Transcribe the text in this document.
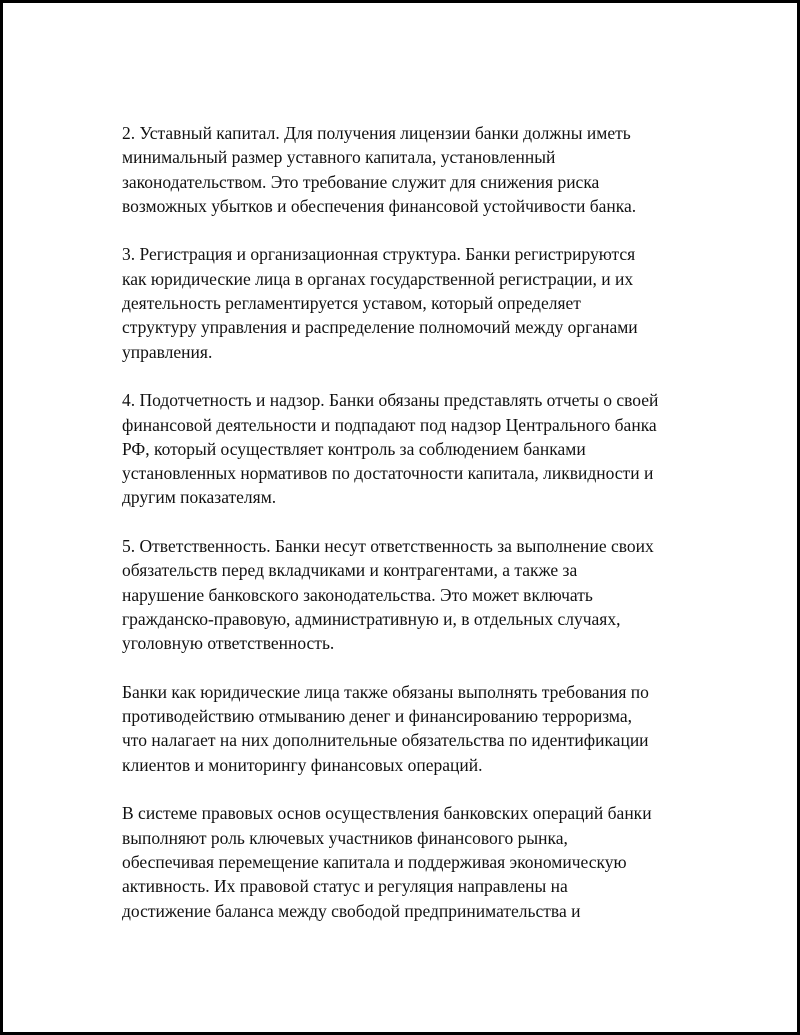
2. Уставный капитал. Для получения лицензии банки должны иметь
минимальный размер уставного капитала, установленный
законодательством. Это требование служит для снижения риска
возможных убытков и обеспечения финансовой устойчивости банка.

3. Регистрация и организационная структура. Банки регистрируются
как юридические лица в органах государственной регистрации, и их
деятельность регламентируется уставом, который определяет
структуру управления и распределение полномочий между органами
управления.

4. Подотчетность и надзор. Банки обязаны представлять отчеты о своей
финансовой деятельности и подпадают под надзор Центрального банка
РФ, который осуществляет контроль за соблюдением банками
установленных нормативов по достаточности капитала, ликвидности и
другим показателям.

5. Ответственность. Банки несут ответственность за выполнение своих
обязательств перед вкладчиками и контрагентами, а также за
нарушение банковского законодательства. Это может включать
гражданско-правовую, административную и, в отдельных случаях,
уголовную ответственность.

Банки как юридические лица также обязаны выполнять требования по
противодействию отмыванию денег и финансированию терроризма,
что налагает на них дополнительные обязательства по идентификации
клиентов и мониторингу финансовых операций.

В системе правовых основ осуществления банковских операций банки
выполняют роль ключевых участников финансового рынка,
обеспечивая перемещение капитала и поддерживая экономическую
активность. Их правовой статус и регуляция направлены на
достижение баланса между свободой предпринимательства и
